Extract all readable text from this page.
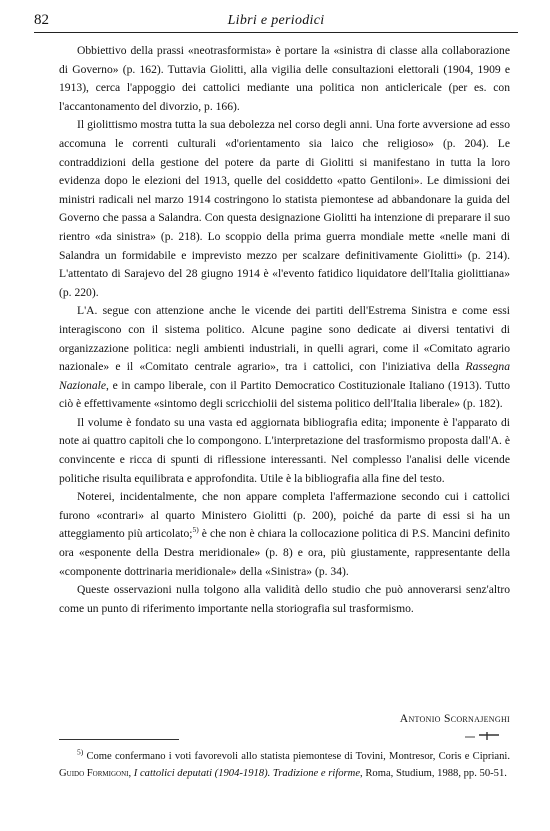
82	Libri e periodici

Obbiettivo della prassi «neotrasformista» è portare la «sinistra di classe alla collaborazione di Governo» (p. 162). Tuttavia Giolitti, alla vigilia delle consultazioni elettorali (1904, 1909 e 1913), cerca l'appoggio dei cattolici mediante una politica non anticlericale (per es. con l'accantonamento del divorzio, p. 166).

Il giolittismo mostra tutta la sua debolezza nel corso degli anni. Una forte avversione ad esso accomuna le correnti culturali «d'orientamento sia laico che religioso» (p. 204). Le contraddizioni della gestione del potere da parte di Giolitti si manifestano in tutta la loro evidenza dopo le elezioni del 1913, quelle del cosiddetto «patto Gentiloni». Le dimissioni dei ministri radicali nel marzo 1914 costringono lo statista piemontese ad abbandonare la guida del Governo che passa a Salandra. Con questa designazione Giolitti ha intenzione di preparare il suo rientro «da sinistra» (p. 218). Lo scoppio della prima guerra mondiale mette «nelle mani di Salandra un formidabile e imprevisto mezzo per scalzare definitivamente Giolitti» (p. 214). L'attentato di Sarajevo del 28 giugno 1914 è «l'evento fatidico liquidatore dell'Italia giolittiana» (p. 220).

L'A. segue con attenzione anche le vicende dei partiti dell'Estrema Sinistra e come essi interagiscono con il sistema politico. Alcune pagine sono dedicate ai diversi tentativi di organizzazione politica: negli ambienti industriali, in quelli agrari, come il «Comitato agrario nazionale» e il «Comitato centrale agrario», tra i cattolici, con l'iniziativa della Rassegna Nazionale, e in campo liberale, con il Partito Democratico Costituzionale Italiano (1913). Tutto ciò è effettivamente «sintomo degli scricchiolii del sistema politico dell'Italia liberale» (p. 182).

Il volume è fondato su una vasta ed aggiornata bibliografia edita; imponente è l'apparato di note ai quattro capitoli che lo compongono. L'interpretazione del trasformismo proposta dall'A. è convincente e ricca di spunti di riflessione interessanti. Nel complesso l'analisi delle vicende politiche risulta equilibrata e approfondita. Utile è la bibliografia alla fine del testo.

Noterei, incidentalmente, che non appare completa l'affermazione secondo cui i cattolici furono «contrari» al quarto Ministero Giolitti (p. 200), poiché da parte di essi si ha un atteggiamento più articolato;$^{5)}$ è che non è chiara la collocazione politica di P.S. Mancini definito ora «esponente della Destra meridionale» (p. 8) e ora, più giustamente, rappresentante della «componente dottrinaria meridionale» della «Sinistra» (p. 34).

Queste osservazioni nulla tolgono alla validità dello studio che può annoverarsi senz'altro come un punto di riferimento importante nella storiografia sul trasformismo.

Antonio Scornajenghi

$^{5)}$ Come confermano i voti favorevoli allo statista piemontese di Tovini, Montresor, Coris e Cipriani. Guido Formigoni, I cattolici deputati (1904-1918). Tradizione e riforme, Roma, Studium, 1988, pp. 50-51.
